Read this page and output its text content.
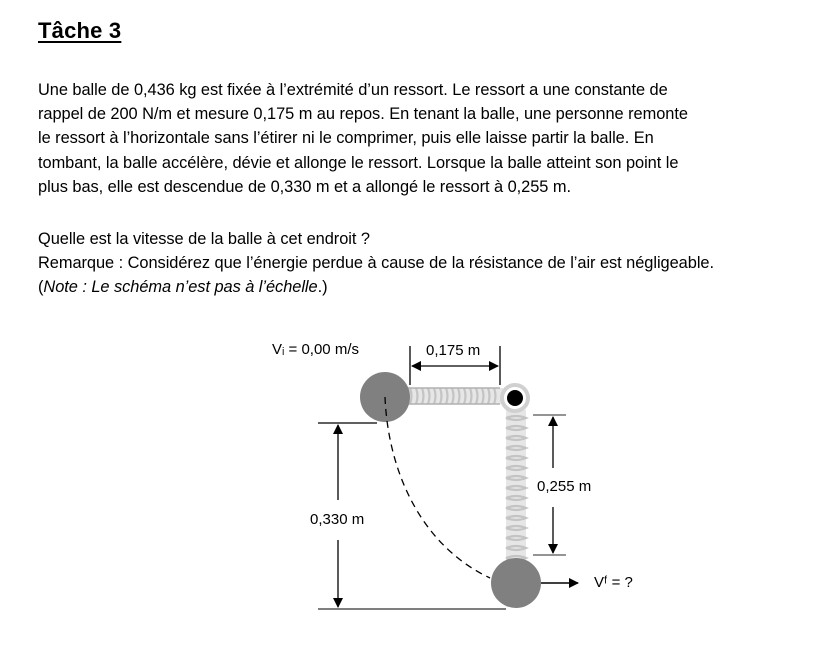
Tâche 3
Une balle de 0,436 kg est fixée à l’extrémité d’un ressort. Le ressort a une constante de
rappel de 200 N/m et mesure 0,175 m au repos. En tenant la balle, une personne remonte
le ressort à l’horizontale sans l’étirer ni le comprimer, puis elle laisse partir la balle. En
tombant, la balle accélère, dévie et allonge le ressort. Lorsque la balle atteint son point le
plus bas, elle est descendue de 0,330 m et a allongé le ressort à 0,255 m.
Quelle est la vitesse de la balle à cet endroit ?
Remarque : Considérez que l’énergie perdue à cause de la résistance de l’air est négligeable.
(Note : Le schéma n’est pas à l’échelle.)
Vᵢ = 0,00 m/s	0,175 m
0,255 m
0,330 m
Vᶠ = ?
